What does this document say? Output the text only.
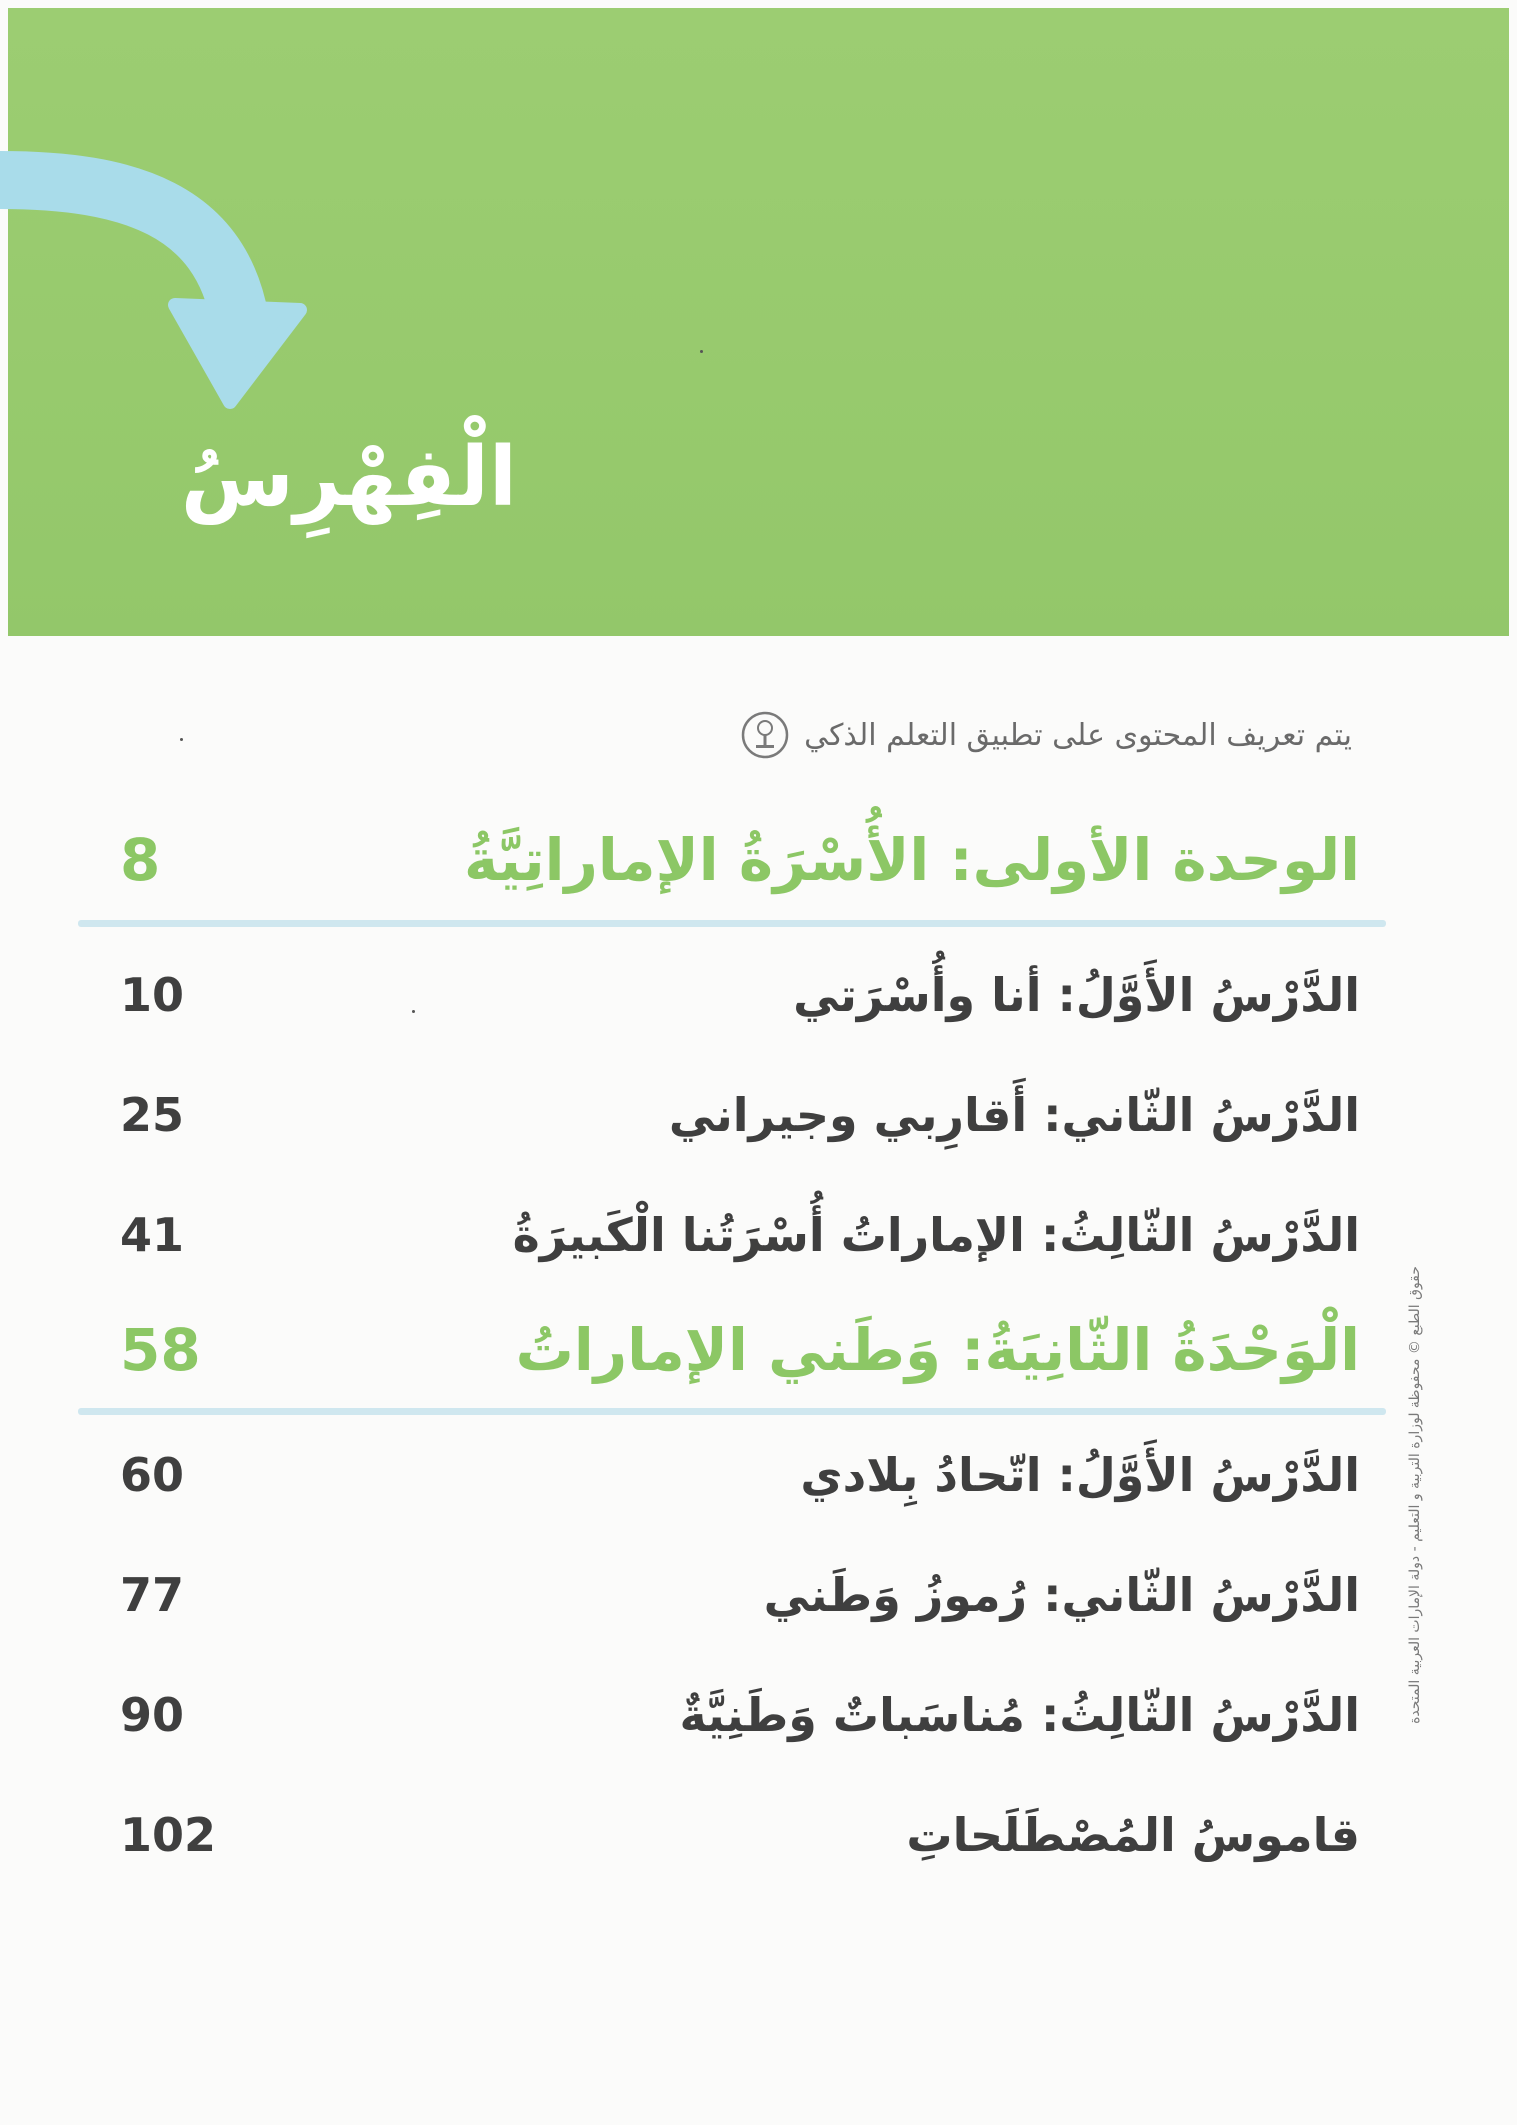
الْفِهْرِسُ
يتم تعريف المحتوى على تطبيق التعلم الذكي
8	الوحدة الأولى: الأُسْرَةُ الإماراتِيَّةُ
10	الدَّرْسُ الأَوَّلُ: أنا وأُسْرَتي
25	الدَّرْسُ الثّاني: أَقارِبي وجيراني
41	الدَّرْسُ الثّالِثُ: الإماراتُ أُسْرَتُنا الْكَبيرَةُ
58	الْوَحْدَةُ الثّانِيَةُ: وَطَني الإماراتُ
60	الدَّرْسُ الأَوَّلُ: اتّحادُ بِلادي
77	الدَّرْسُ الثّاني: رُموزُ وَطَني
90	الدَّرْسُ الثّالِثُ: مُناسَباتٌ وَطَنِيَّةٌ
102	قاموسُ المُصْطَلَحاتِ
حقوق الطبع © محفوظة لوزارة التربية و التعليم - دولة الإمارات العربية المتحدة
